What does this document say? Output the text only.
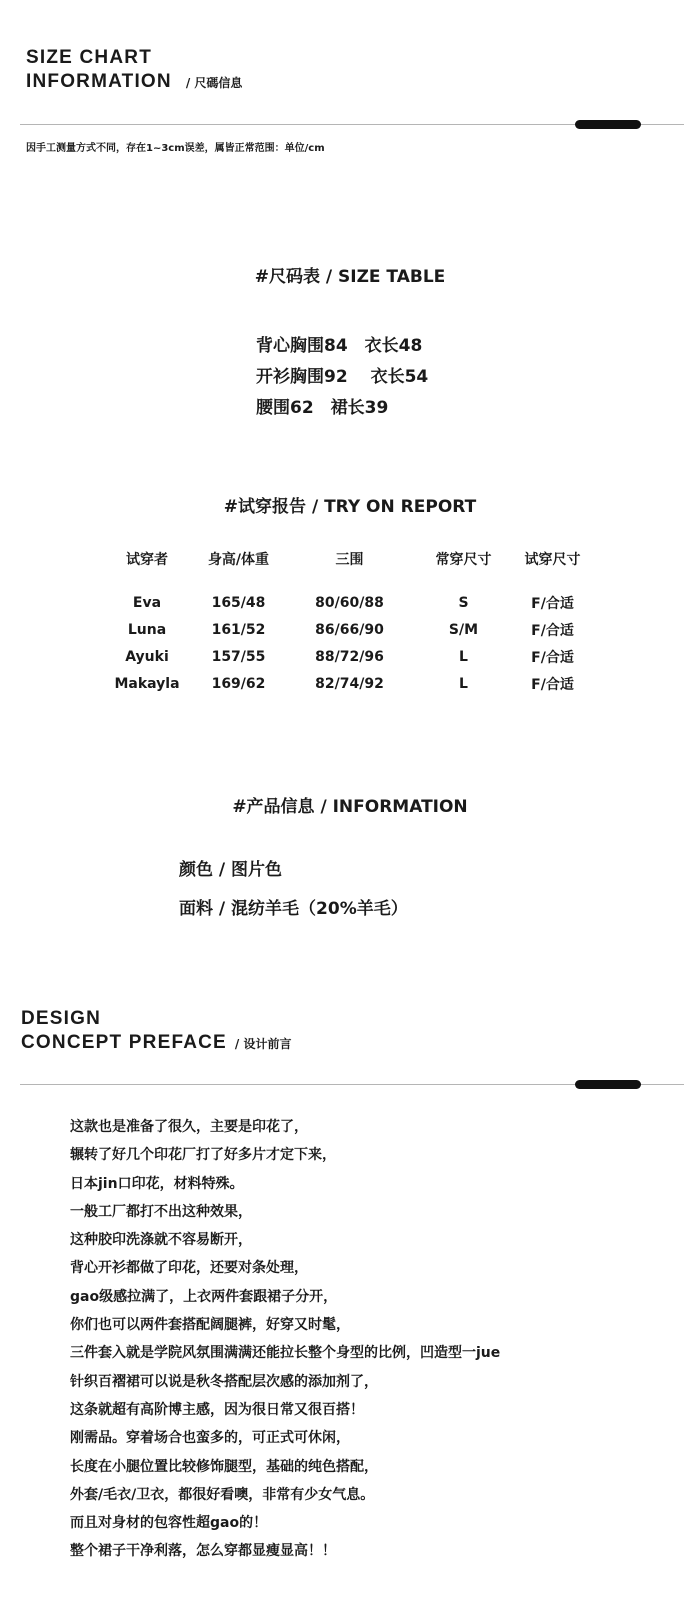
SIZE CHART
INFORMATION / 尺碼信息
因手工测量方式不同，存在1~3cm误差，属皆正常范围：单位/cm
#尺码表 / SIZE TABLE
背心胸围84　衣长48
开衫胸围92　 衣长54
腰围62　裙长39
#试穿报告 / TRY ON REPORT
试穿者	身高/体重	三围	常穿尺寸	试穿尺寸

Eva	165/48	80/60/88	S	F/合适
Luna	161/52	86/66/90	S/M	F/合适
Ayuki	157/55	88/72/96	L	F/合适
Makayla	169/62	82/74/92	L	F/合适
#产品信息 / INFORMATION
颜色 / 图片色
面料 / 混纺羊毛（20%羊毛）
DESIGN
CONCEPT PREFACE / 设计前言
这款也是准备了很久，主要是印花了，
辗转了好几个印花厂打了好多片才定下来，
日本jin口印花，材料特殊。
一般工厂都打不出这种效果，
这种胶印洗涤就不容易断开，
背心开衫都做了印花，还要对条处理，
gao级感拉满了，上衣两件套跟裙子分开，
你们也可以两件套搭配阔腿裤，好穿又时髦，
三件套入就是学院风氛围满满还能拉长整个身型的比例，凹造型一jue
针织百褶裙可以说是秋冬搭配层次感的添加剂了，
这条就超有高阶博主感，因为很日常又很百搭！
刚需品。穿着场合也蛮多的，可正式可休闲，
长度在小腿位置比较修饰腿型，基础的纯色搭配，
外套/毛衣/卫衣，都很好看噢，非常有少女气息。
而且对身材的包容性超gao的！
整个裙子干净利落，怎么穿都显瘦显高！！
